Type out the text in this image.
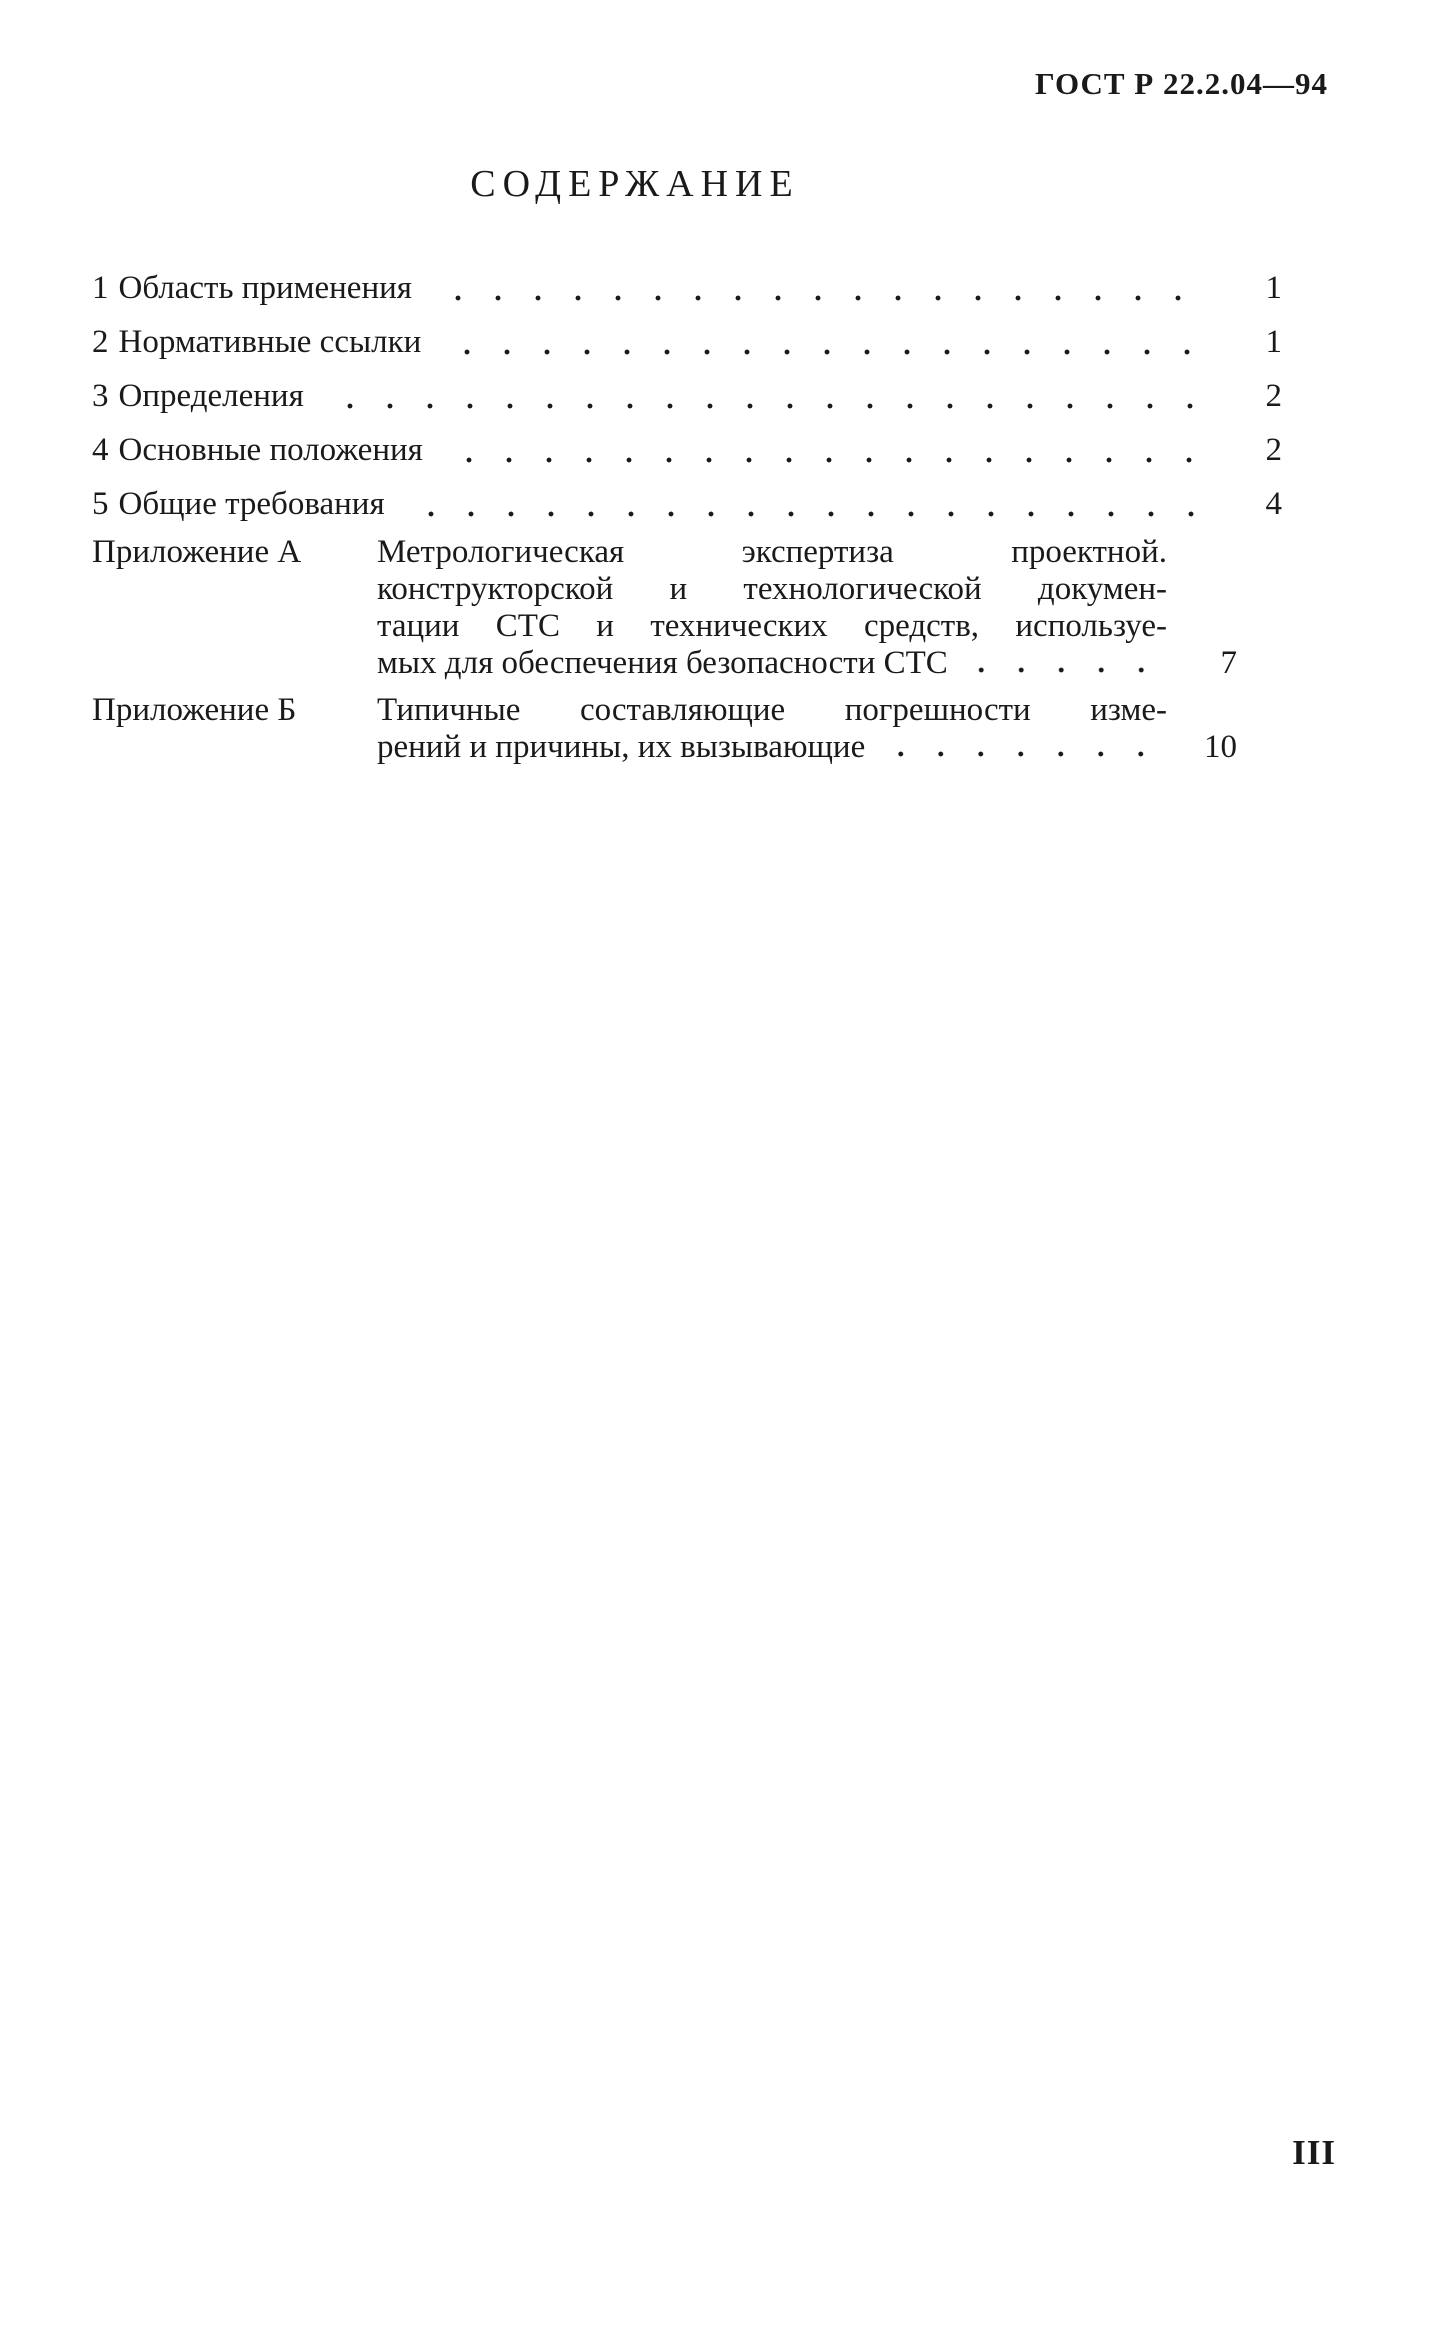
ГОСТ Р 22.2.04—94
СОДЕРЖАНИЕ
1 Область применения	1
2 Нормативные ссылки	1
3 Определения	2
4 Основные положения	2
5 Общие требования	4
Приложение А	Метрологическая экспертиза проектной.
конструкторской и технологической докумен-
тации СТС и технических средств, используе-
мых для обеспечения безопасности СТС	7
Приложение Б	Типичные составляющие погрешности изме-
рений и причины, их вызывающие	10
III
